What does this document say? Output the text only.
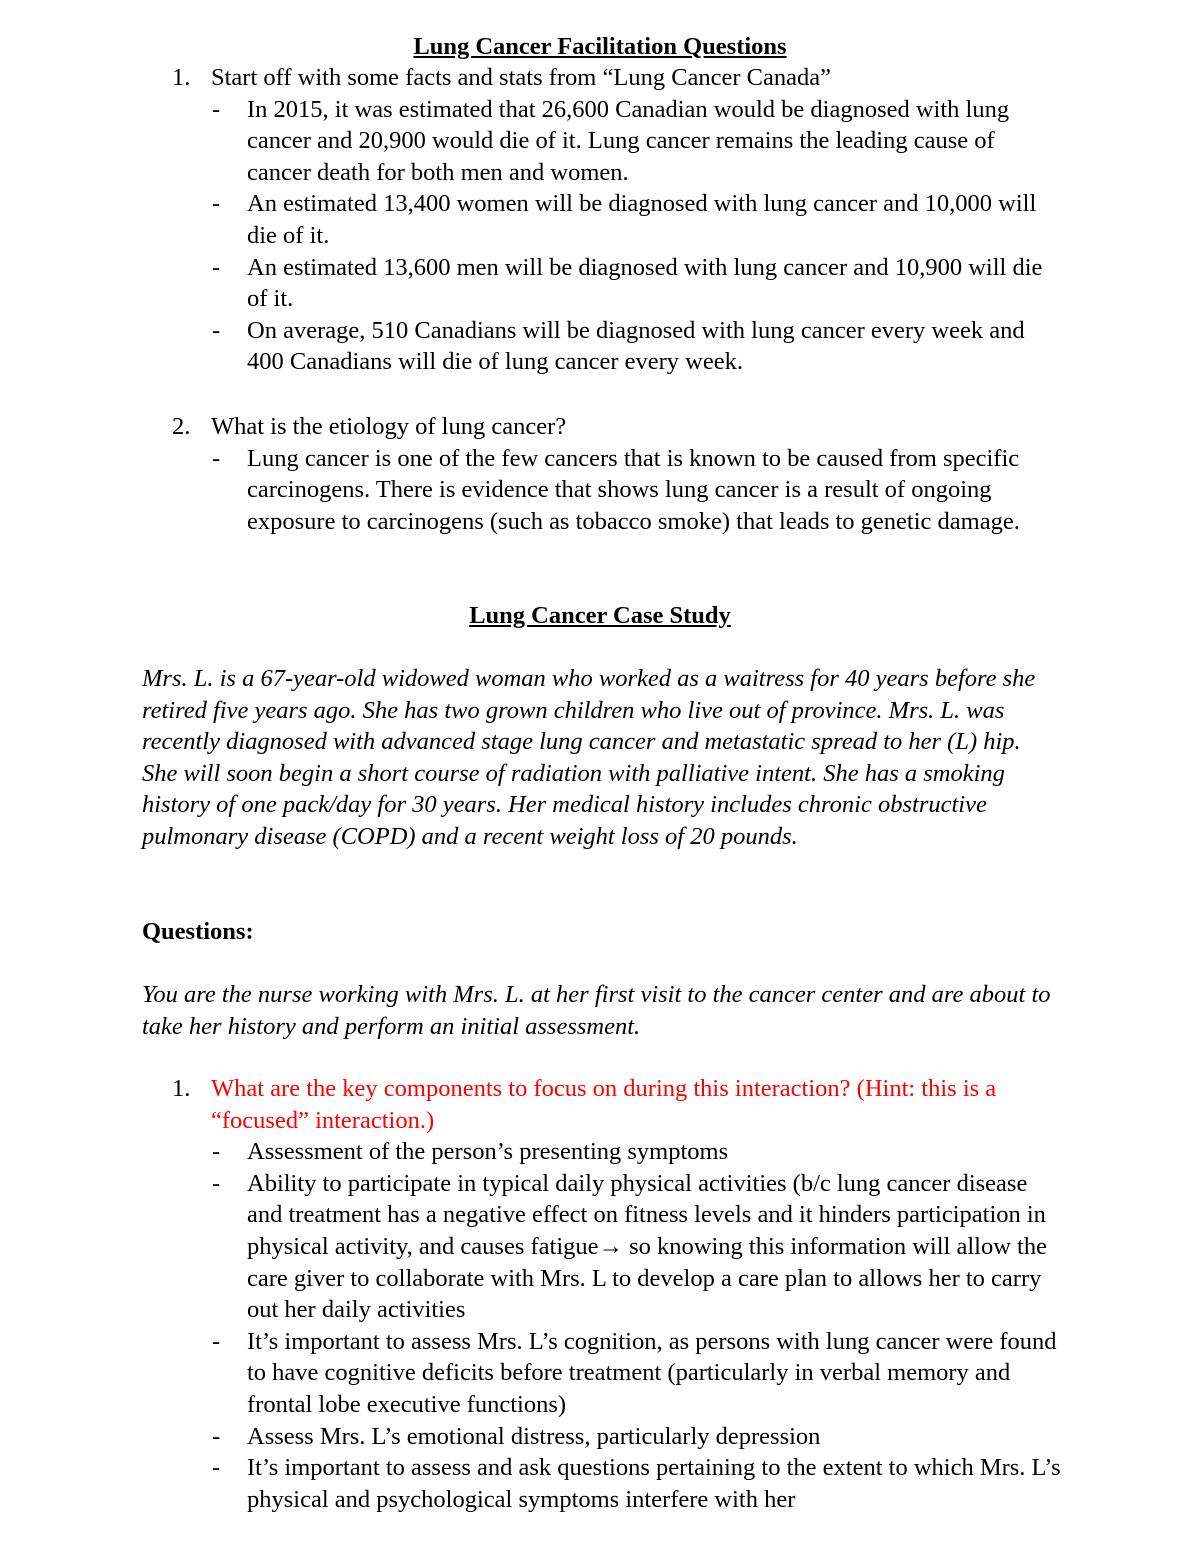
Lung Cancer Facilitation Questions
1. Start off with some facts and stats from “Lung Cancer Canada”
- In 2015, it was estimated that 26,600 Canadian would be diagnosed with lung cancer and 20,900 would die of it. Lung cancer remains the leading cause of cancer death for both men and women.
- An estimated 13,400 women will be diagnosed with lung cancer and 10,000 will die of it.
- An estimated 13,600 men will be diagnosed with lung cancer and 10,900 will die of it.
- On average, 510 Canadians will be diagnosed with lung cancer every week and 400 Canadians will die of lung cancer every week.
2. What is the etiology of lung cancer?
- Lung cancer is one of the few cancers that is known to be caused from specific carcinogens. There is evidence that shows lung cancer is a result of ongoing exposure to carcinogens (such as tobacco smoke) that leads to genetic damage.
Lung Cancer Case Study

Mrs. L. is a 67-year-old widowed woman who worked as a waitress for 40 years before she retired five years ago. She has two grown children who live out of province. Mrs. L. was recently diagnosed with advanced stage lung cancer and metastatic spread to her (L) hip. She will soon begin a short course of radiation with palliative intent. She has a smoking history of one pack/day for 30 years. Her medical history includes chronic obstructive pulmonary disease (COPD) and a recent weight loss of 20 pounds.

Questions:

You are the nurse working with Mrs. L. at her first visit to the cancer center and are about to take her history and perform an initial assessment.

1. What are the key components to focus on during this interaction? (Hint: this is a “focused” interaction.)
- Assessment of the person’s presenting symptoms
- Ability to participate in typical daily physical activities (b/c lung cancer disease and treatment has a negative effect on fitness levels and it hinders participation in physical activity, and causes fatigue→ so knowing this information will allow the care giver to collaborate with Mrs. L to develop a care plan to allows her to carry out her daily activities
- It’s important to assess Mrs. L’s cognition, as persons with lung cancer were found to have cognitive deficits before treatment (particularly in verbal memory and frontal lobe executive functions)
- Assess Mrs. L’s emotional distress, particularly depression
- It’s important to assess and ask questions pertaining to the extent to which Mrs. L’s physical and psychological symptoms interfere with her
